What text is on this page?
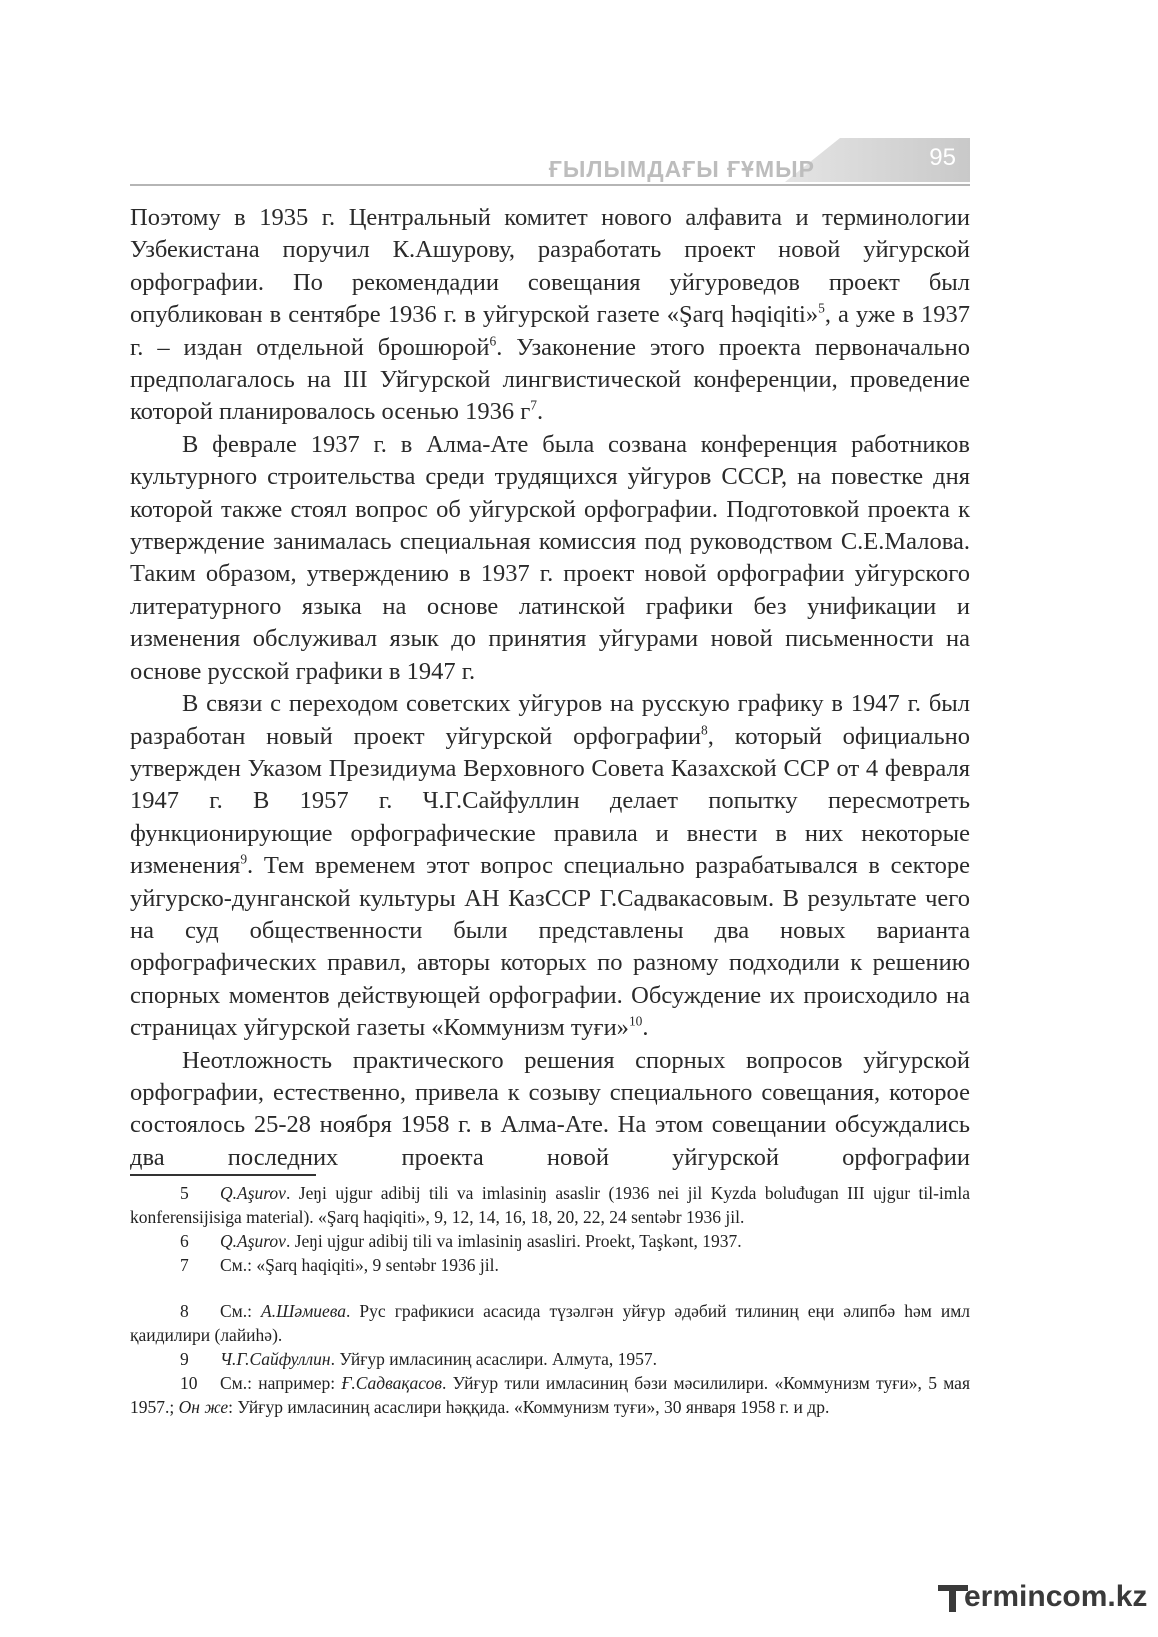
95
ҒЫЛЫМДАҒЫ ҒҰМЫР

Поэтому в 1935 г. Центральный комитет нового алфавита и терминологии Узбекистана поручил К.Ашурову, разработать проект новой уйгурской орфографии. По рекомендадии совещания уйгуроведов проект был опубликован в сентябре 1936 г. в уйгурской газете «Şarq həqiqiti»$^5$, а уже в 1937 г. – издан отдельной брошюрой$^6$. Узаконение этого проекта первоначально предполагалось на III Уйгурской лингвистической конференции, проведение которой планировалось осенью 1936 $г^7$.

В феврале 1937 г. в Алма-Ате была созвана конференция работников культурного строительства среди трудящихся уйгуров СССР, на повестке дня которой также стоял вопрос об уйгурской орфографии. Подготовкой проекта к утверждение занималась специальная комиссия под руководством С.Е.Малова. Таким образом, утверждению в 1937 г. проект новой орфографии уйгурского литературного языка на основе латинской графики без унификации и изменения обслуживал язык до принятия уйгурами новой письменности на основе русской графики в 1947 г.

В связи с переходом советских уйгуров на русскую графику в 1947 г. был разработан новый проект уйгурской орфографии$^8$, который официально утвержден Указом Президиума Верховного Совета Казахской ССР от 4 февраля 1947 г. В 1957 г. Ч.Г.Сайфуллин делает попытку пересмотреть функционирующие орфографические правила и внести в них некоторые изменения$^9$. Тем временем этот вопрос специально разрабатывался в секторе уйгурско-дунганской культуры АН КазССР Г.Садвакасовым. В результате чего на суд общественности были представлены два новых варианта орфографических правил, авторы которых по разному подходили к решению спорных моментов действующей орфографии. Обсуждение их происходило на страницах уйгурской газеты «Коммунизм туғи»$^{10}$.

Неотложность практического решения спорных вопросов уйгурской орфографии, естественно, привела к созыву специального совещания, которое состоялось 25-28 ноября 1958 г. в Алма-Ате. На этом совещании обсуждались два последних проекта новой уйгурской орфографии

5 Q.Aşurov. Jeŋi ujgur adibij tili va imlasiniŋ asaslir (1936 nei jil Kyzda boluđugan III ujgur til-imla konferensijisiga material). «Şarq haqiqiti», 9, 12, 14, 16, 18, 20, 22, 24 sentəbr 1936 jil.

6 Q.Aşurov. Jeŋi ujgur adibij tili va imlasiniŋ asasliri. Proekt, Taşkənt, 1937.

7 См.: «Şarq haqiqiti», 9 sentəbr 1936 jil.

8 См.: А.Шәмиева. Рус графикиси асасида түзәлгән уйғур әдәбий тилиниң еңи әлипбә һәм имл қаидилири (лайиһә).

9 Ч.Г.Сайфуллин. Уйғур имласиниң асаслири. Алмута, 1957.

10 См.: например: Ғ.Садвақасов. Уйғур тили имласиниң бәзи мәсилилири. «Коммунизм туғи», 5 мая 1957.; Он же: Уйғур имласиниң асаслири һәққида. «Коммунизм туғи», 30 января 1958 г. и др.

ermincom.kz
